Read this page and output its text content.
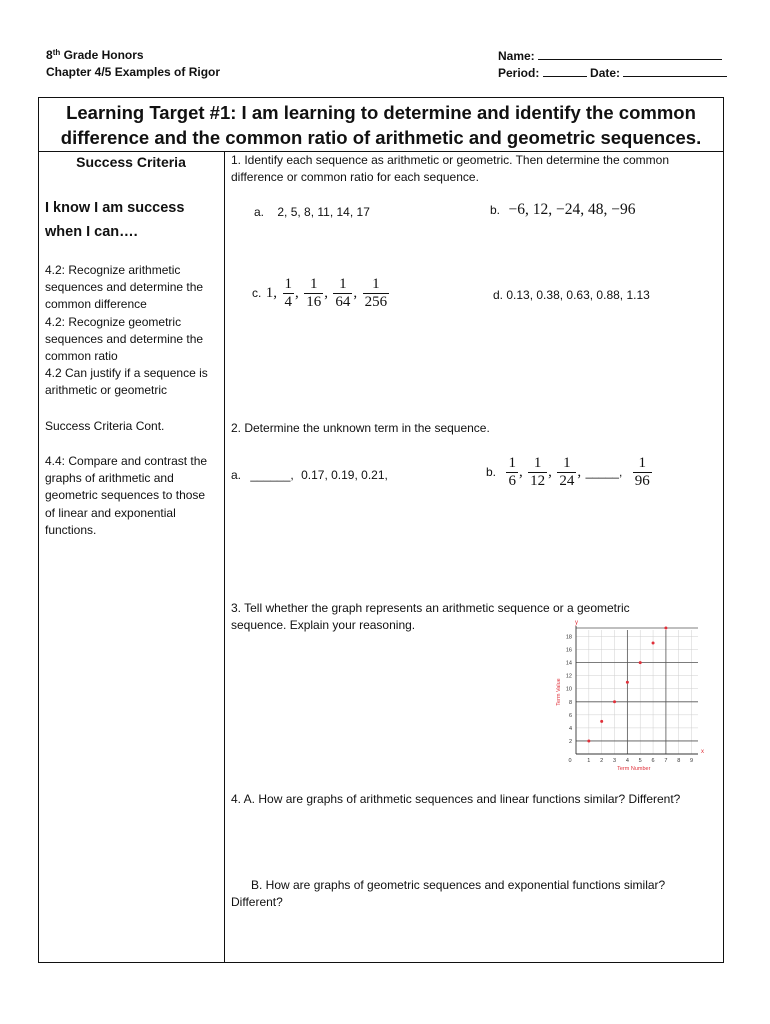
8th Grade Honors
Chapter 4/5 Examples of Rigor
Name:
Period:	Date:
Learning Target #1: I am learning to determine and identify the common
difference and the common ratio of arithmetic and geometric sequences.
Success Criteria
I know I am success
when I can….
4.2: Recognize arithmetic
sequences and determine the
common difference
4.2: Recognize geometric
sequences and determine the
common ratio
4.2 Can justify if a sequence is
arithmetic or geometric
Success Criteria Cont.
4.4: Compare and contrast the
graphs of arithmetic and
geometric sequences to those
of linear and exponential
functions.
1. Identify each sequence as arithmetic or geometric. Then determine the common
difference or common ratio for each sequence.
a. 2, 5, 8, 11, 14, 17	b. −6, 12, −24, 48, −96
c. 1, $\frac{1}{4}$ , $\frac{1}{16}$ , $\frac{1}{64}$ , $\frac{1}{256}$	d. 0.13, 0.38, 0.63, 0.88, 1.13
2. Determine the unknown term in the sequence.
a. ______, 0.17, 0.19, 0.21,	b. $\frac{1}{6}$ , $\frac{1}{12}$ , $\frac{1}{24}$ , _____, $\frac{1}{96}$
3. Tell whether the graph represents an arithmetic sequence or a geometric
sequence. Explain your reasoning.
x
y
0	1 2 3 4 5 6 7 8 9
2
4
6
8
10
12
14
16
18
Term Number
Term Value
4. A. How are graphs of arithmetic sequences and linear functions similar? Different?
B. How are graphs of geometric sequences and exponential functions similar?
Different?
